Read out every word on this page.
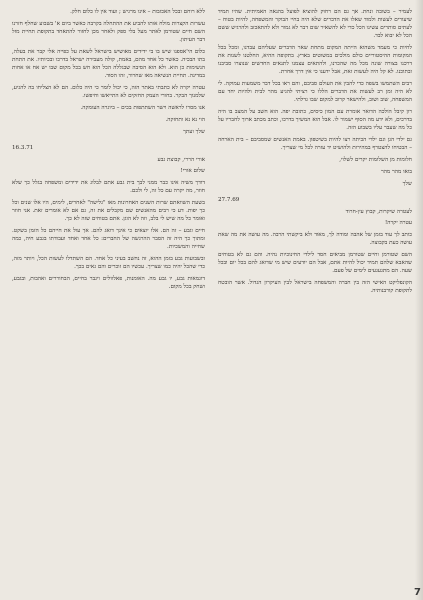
לעמיר – בשובה ונחת. אך גם הם רחוק להוציא לפועל בהנאה האמיתית. שהיו תמיד שיעורים לעשות ולמוד שאלו את הדברים שלא היה בחיי הבוקר והמשפחה, להיות בטוח – לעתים סותרים עשינו הכל כדי לא להשאיר שום דבר לא גמור ולא להתאכזב ולהרגיש ששם הכל לא יבוא לבד.

לחיות כי מעמד משהוא הייתה המקום מתחת שאר הדברים שעליהם עבדנו, ומכל בכל המקומות ההיסטוריים כולם מולכים במשוטים בארץ. בתקופה ההיא, החלטנו לשנות את דרכנו בצורה שונה מכל מה שהכרנו, ולהתאים עצמנו לתנאים החדשים שנוצרו סביבנו ובתוכנו. לא קל היה לעשות זאת, אבל ידענו כי אין דרך אחרת.

רבים השתמשו בשפה כדי להבין את העולם סביבם, והם ראו בכל דבר משמעות עמוקה. לי לא היה זמן רב לעשות את הדברים הללו כי רציתי להגיע מהר לבית ולהיות יחד עם המשפחה, שוב ושוב, ולהישאר קרוב למקום שבו גדלתי.

רון קיבל הולכה הדואר אומרת עם המון כיסים, כתובת יפה. הוא חשב על המצב בו היה בדרכים, ולא ידע מה הסוף ישמור לו. אבל הוא המשיך בדרכו, וכתב מכתב ארוך לחבריו על כל מה שעבר עליו בשבוע הזה.

גם ילדי הגן וגם ילדי הכיתה רצו להיות בשיטפון. באמת האנשים שמסביבם – בית הארחה – הבטיחו להצטרף במהירות ולהושיט יד עזרה לכל מי שצריך.

חלומות מן השלומות יקרים לשלוי,

בואו מהר מהר

שלך
27.7.69
לעטרה שיקרות, קבוץ עין-חרוד

עטרה יקרה!

כותב לך עוד בזמן של אהבה ומודה לך, מאוד ולא ביקשתי הרבה. מה עושה את מה שאת עושה כעת בקבוצה.

השם שטורמן וחיים שטורמן מביאים חסד לילדי החינוכיות נהיה. והם גם לא בטוחים שהאבא שלהם תמיד יכול להיות אתם, אבל הם יודעים שיש מי שדואג להם בכל יום ובכל שעה. הם מתגעגעים לימים של פעם.

הקונפליקט האישי הזה בין חברה והמשפחה בישראל לבין העיקרון הגדול. אשר הובטח לתקופת קורבנותיה.

ללא רוחם ובכל האכזבות – אינו מרגיש ; ועוד אין לו כלום חלק.

עשרות הקצרות מולח אותו להביע את ההתחלה בקרבה כאשר ביום א' בשבוע שחלף חזרנו השם חיים שטורמן לאתר מעל בלי ספק ולאחר מכן לחזור להתאחד בתקופת תחיית מזל דבר העיתון.

כלום הי'אספנו שיש בו בי ידידים מאושיש בישראל לשאת על כפייה אלי קבר את בעלה, בתו הבכיה. כאשר כל אחד מהם, באמת, קולה מעבירה ישראל בדרכו ובכיותיו. את התחת הנשימות כן הוא. ולא הוא הסיבה שבגללה הכל הוא חש בכל מקום שבו יש אח או אחות במדינה. תחיית הנשיאה מאז שחרור, זהו הסוד.

עטרה יקרה לא כתבתי באתר הזה, כי יכול לומר כי היה כלום. הם לא הצליחו בה להגיע, שלמנוך הבקר. בחורי העמק החזקים לא התייאשו וחיפשו.

אנו מסרו לראשה וישר השתתפות בכים – ביוגרה העומקה.

הוי נא נא ותחזקה.

שלך ועתך
16.3.71
אורי הררי, קבוצת גבע

שלום אורי!

דודך משיה אינו כבר ממני לבך בית גבע אתם לבלוג את ידידים ומשפחה בגלל כך שלא חוזר, מה יקרה עם כל זה, לי ולכם.

בשעת השוואתם שרות השנים האחרונות מאז "גלישה" לאחרים, לימים, היו אלו שנים וכל כך יפות. דע כי רבים מהאנשים שם מקבלים את זה, גם אם לא אומרים זאת. אני חוזר ואומר כל מה שיש לי בלב, וזה לא הוגן. אתם בטוחים שזה לא כך.

חיים וגבע – זה הם. אלו יוצאים כי אינך דואג להם. אך עול את חייהם כל הזמן בשקט. ומתוך כך היה זה הסבר ההרגשה של החברים: כל אחד ואחד ועבודתו בגבע חיה, כמה שחייה והמשכיות.

ובשבועות גבע בזמן ההוא, זה נחשב בעיני כל אחד. הם השתדלו לעשות הכל, ויותר מזה, כדי שהכל יהיה כמו שצריך. עכשיו הם זוכרים והם גאים בכך.

דוגמאות גבע, יו גבע מה. האומנות, פאלוולים ויגבר בחיים, הבחוררים ואהבות, ובגבע, ושחק בכל מקום.

7
